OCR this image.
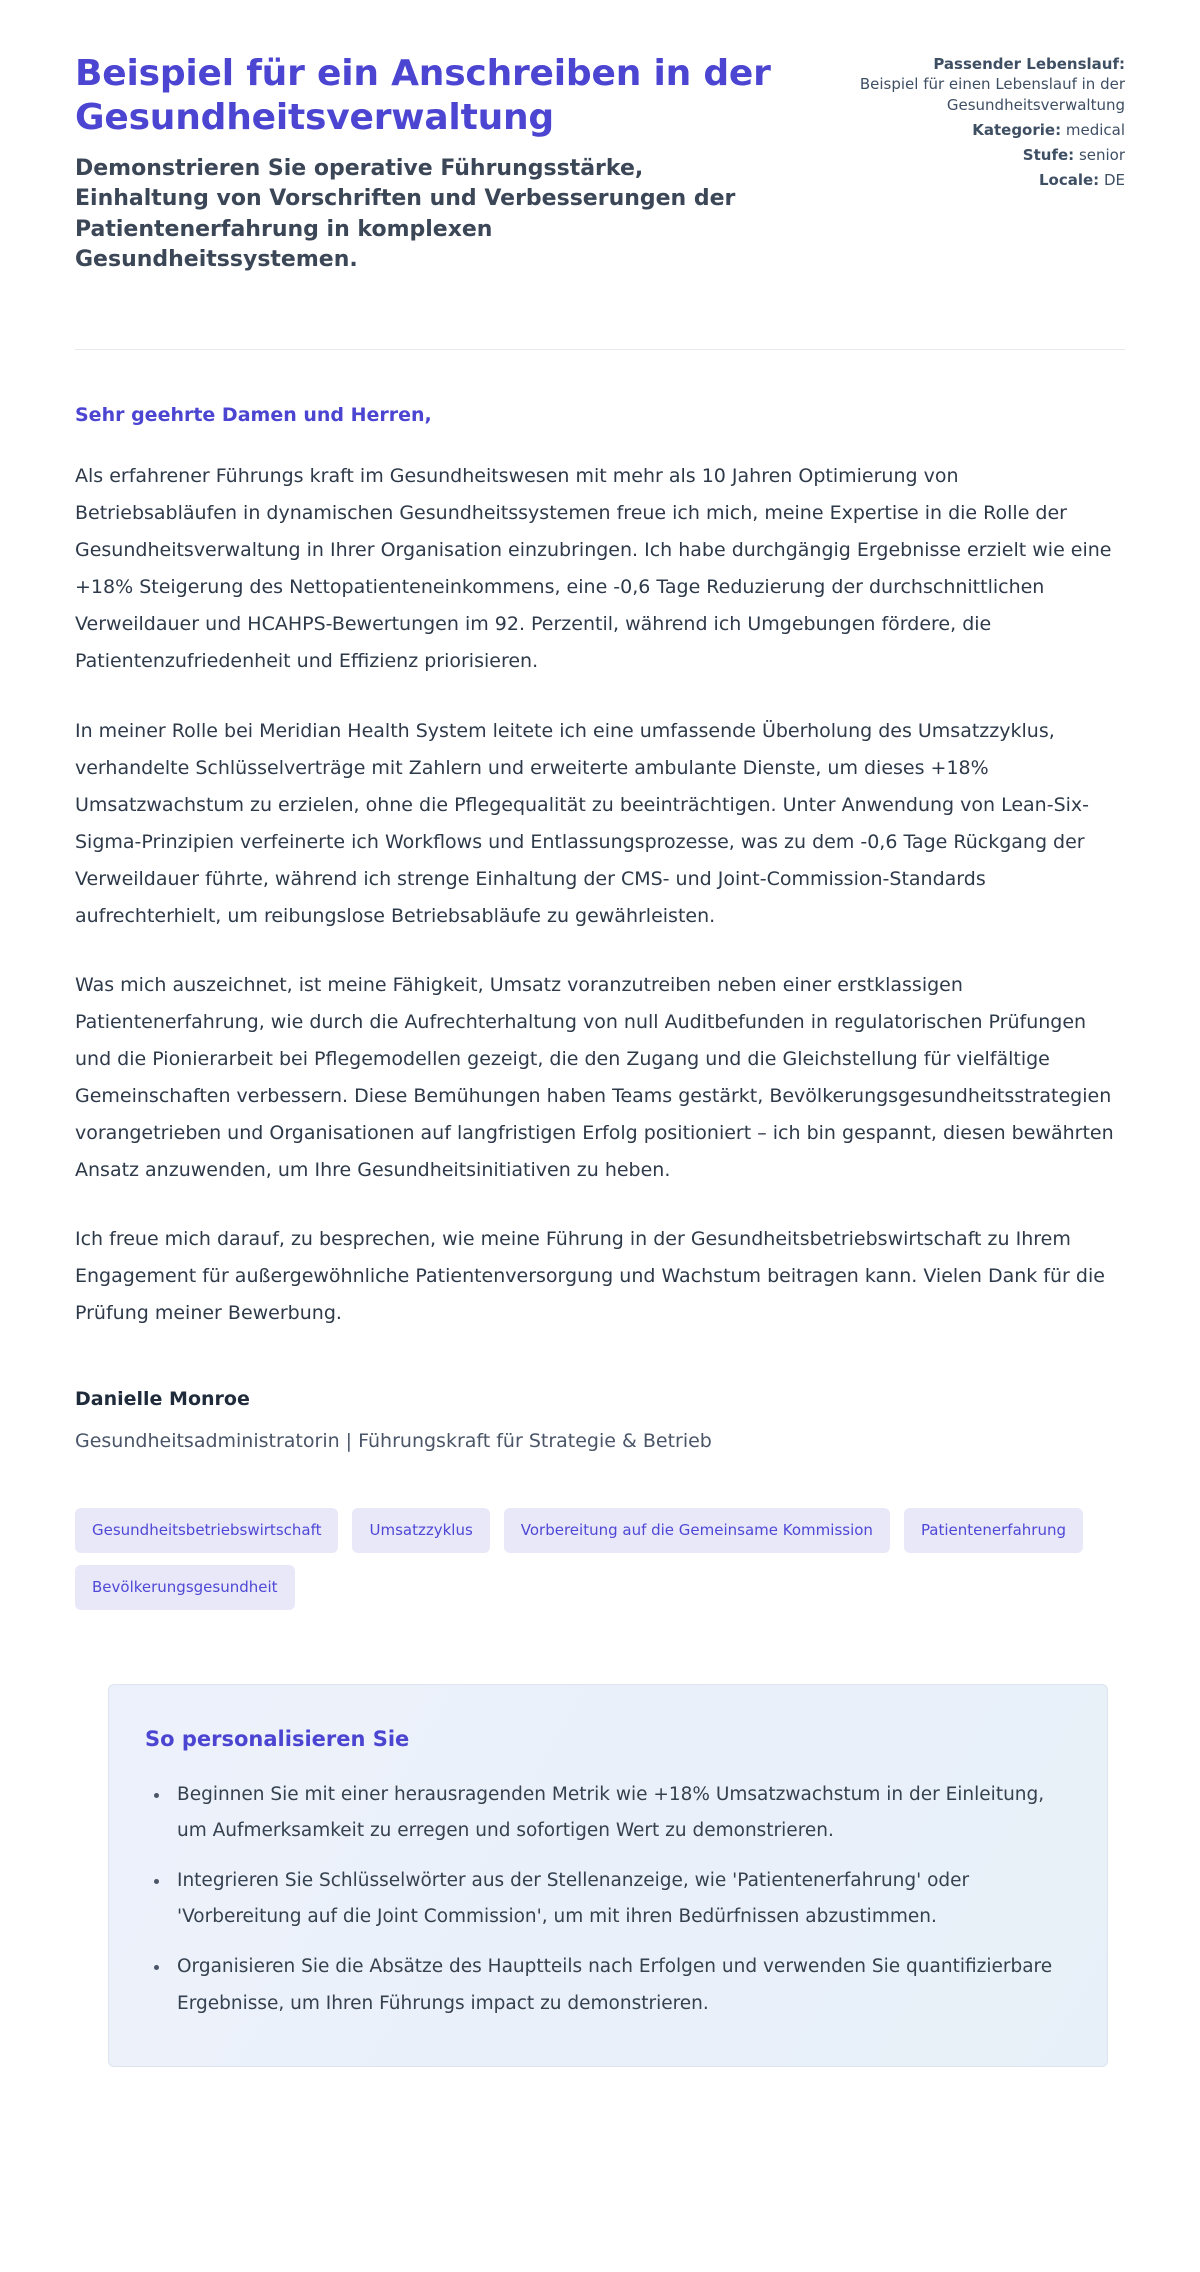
Beispiel für ein Anschreiben in der Gesundheitsverwaltung

Demonstrieren Sie operative Führungsstärke, Einhaltung von Vorschriften und Verbesserungen der Patientenerfahrung in komplexen Gesundheitssystemen.

Passender Lebenslauf:
Beispiel für einen Lebenslauf in der Gesundheitsverwaltung
Kategorie: medical
Stufe: senior
Locale: DE

Sehr geehrte Damen und Herren,

Als erfahrener Führungs kraft im Gesundheitswesen mit mehr als 10 Jahren Optimierung von Betriebsabläufen in dynamischen Gesundheitssystemen freue ich mich, meine Expertise in die Rolle der Gesundheitsverwaltung in Ihrer Organisation einzubringen. Ich habe durchgängig Ergebnisse erzielt wie eine +18% Steigerung des Nettopatienteneinkommens, eine -0,6 Tage Reduzierung der durchschnittlichen Verweildauer und HCAHPS-Bewertungen im 92. Perzentil, während ich Umgebungen fördere, die Patientenzufriedenheit und Effizienz priorisieren.

In meiner Rolle bei Meridian Health System leitete ich eine umfassende Überholung des Umsatzzyklus, verhandelte Schlüsselverträge mit Zahlern und erweiterte ambulante Dienste, um dieses +18% Umsatzwachstum zu erzielen, ohne die Pflegequalität zu beeinträchtigen. Unter Anwendung von Lean-Six-Sigma-Prinzipien verfeinerte ich Workflows und Entlassungsprozesse, was zu dem -0,6 Tage Rückgang der Verweildauer führte, während ich strenge Einhaltung der CMS- und Joint-Commission-Standards aufrechterhielt, um reibungslose Betriebsabläufe zu gewährleisten.

Was mich auszeichnet, ist meine Fähigkeit, Umsatz voranzutreiben neben einer erstklassigen Patientenerfahrung, wie durch die Aufrechterhaltung von null Auditbefunden in regulatorischen Prüfungen und die Pionierarbeit bei Pflegemodellen gezeigt, die den Zugang und die Gleichstellung für vielfältige Gemeinschaften verbessern. Diese Bemühungen haben Teams gestärkt, Bevölkerungsgesundheitsstrategien vorangetrieben und Organisationen auf langfristigen Erfolg positioniert – ich bin gespannt, diesen bewährten Ansatz anzuwenden, um Ihre Gesundheitsinitiativen zu heben.

Ich freue mich darauf, zu besprechen, wie meine Führung in der Gesundheitsbetriebswirtschaft zu Ihrem Engagement für außergewöhnliche Patientenversorgung und Wachstum beitragen kann. Vielen Dank für die Prüfung meiner Bewerbung.

Danielle Monroe

Gesundheitsadministratorin | Führungskraft für Strategie & Betrieb

Gesundheitsbetriebswirtschaft	Umsatzzyklus	Vorbereitung auf die Gemeinsame Kommission	Patientenerfahrung
Bevölkerungsgesundheit
So personalisieren Sie
• Beginnen Sie mit einer herausragenden Metrik wie +18% Umsatzwachstum in der Einleitung, um Aufmerksamkeit zu erregen und sofortigen Wert zu demonstrieren.
• Integrieren Sie Schlüsselwörter aus der Stellenanzeige, wie 'Patientenerfahrung' oder 'Vorbereitung auf die Joint Commission', um mit ihren Bedürfnissen abzustimmen.
• Organisieren Sie die Absätze des Hauptteils nach Erfolgen und verwenden Sie quantifizierbare Ergebnisse, um Ihren Führungs impact zu demonstrieren.
